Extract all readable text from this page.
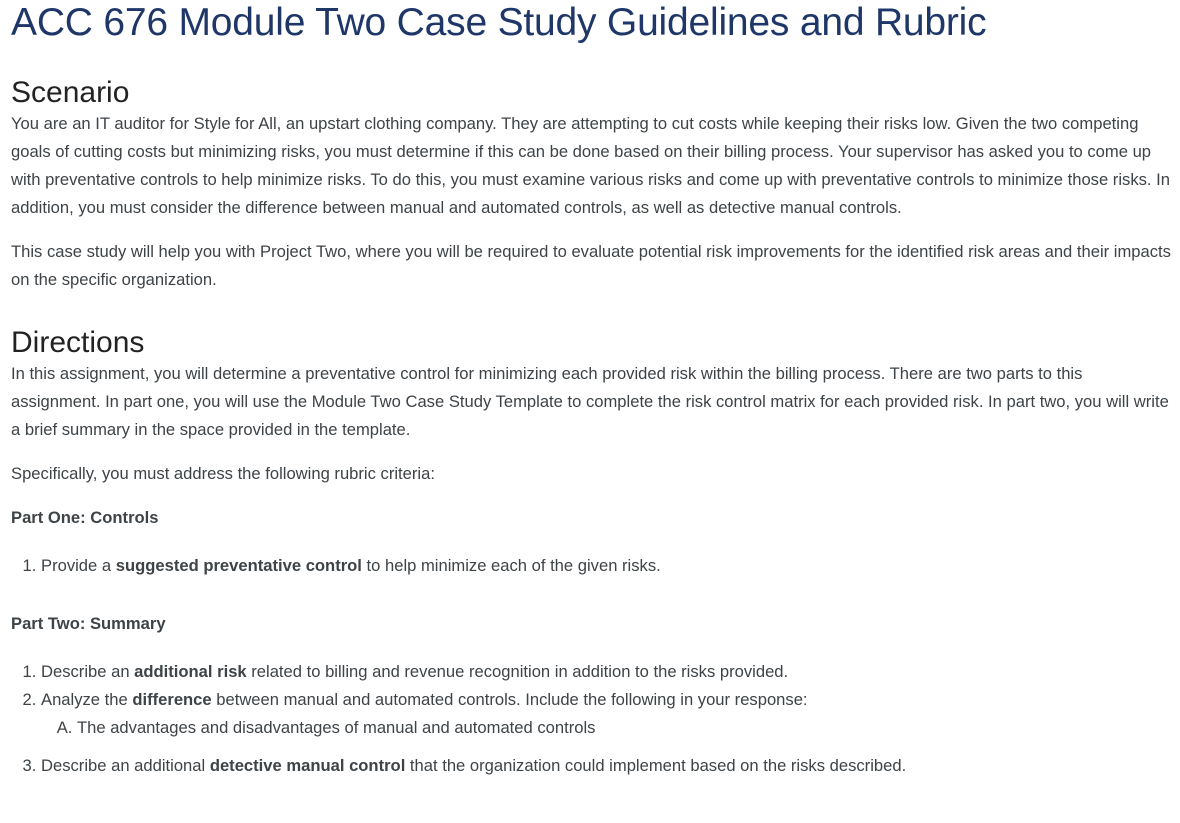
ACC 676 Module Two Case Study Guidelines and Rubric
Scenario

You are an IT auditor for Style for All, an upstart clothing company. They are attempting to cut costs while keeping their risks low. Given the two competing goals of cutting costs but minimizing risks, you must determine if this can be done based on their billing process. Your supervisor has asked you to come up with preventative controls to help minimize risks. To do this, you must examine various risks and come up with preventative controls to minimize those risks. In addition, you must consider the difference between manual and automated controls, as well as detective manual controls.

This case study will help you with Project Two, where you will be required to evaluate potential risk improvements for the identified risk areas and their impacts on the specific organization.

Directions

In this assignment, you will determine a preventative control for minimizing each provided risk within the billing process. There are two parts to this assignment. In part one, you will use the Module Two Case Study Template to complete the risk control matrix for each provided risk. In part two, you will write a brief summary in the space provided in the template.

Specifically, you must address the following rubric criteria:

Part One: Controls

1. Provide a suggested preventative control to help minimize each of the given risks.

Part Two: Summary

1. Describe an additional risk related to billing and revenue recognition in addition to the risks provided.
2. Analyze the difference between manual and automated controls. Include the following in your response:
A. The advantages and disadvantages of manual and automated controls
3. Describe an additional detective manual control that the organization could implement based on the risks described.
